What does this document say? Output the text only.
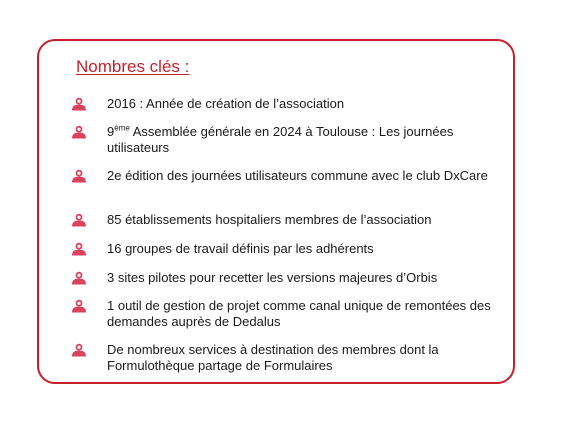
Nombres clés :
2016 : Année de création de l’association
9ème Assemblée générale en 2024 à Toulouse : Les journées utilisateurs
2e édition des journées utilisateurs commune avec le club DxCare
85 établissements hospitaliers membres de l’association
16 groupes de travail définis par les adhérents
3 sites pilotes pour recetter les versions majeures d’Orbis
1 outil de gestion de projet comme canal unique de remontées des demandes auprès de Dedalus
De nombreux services à destination des membres dont la Formulothèque partage de Formulaires
